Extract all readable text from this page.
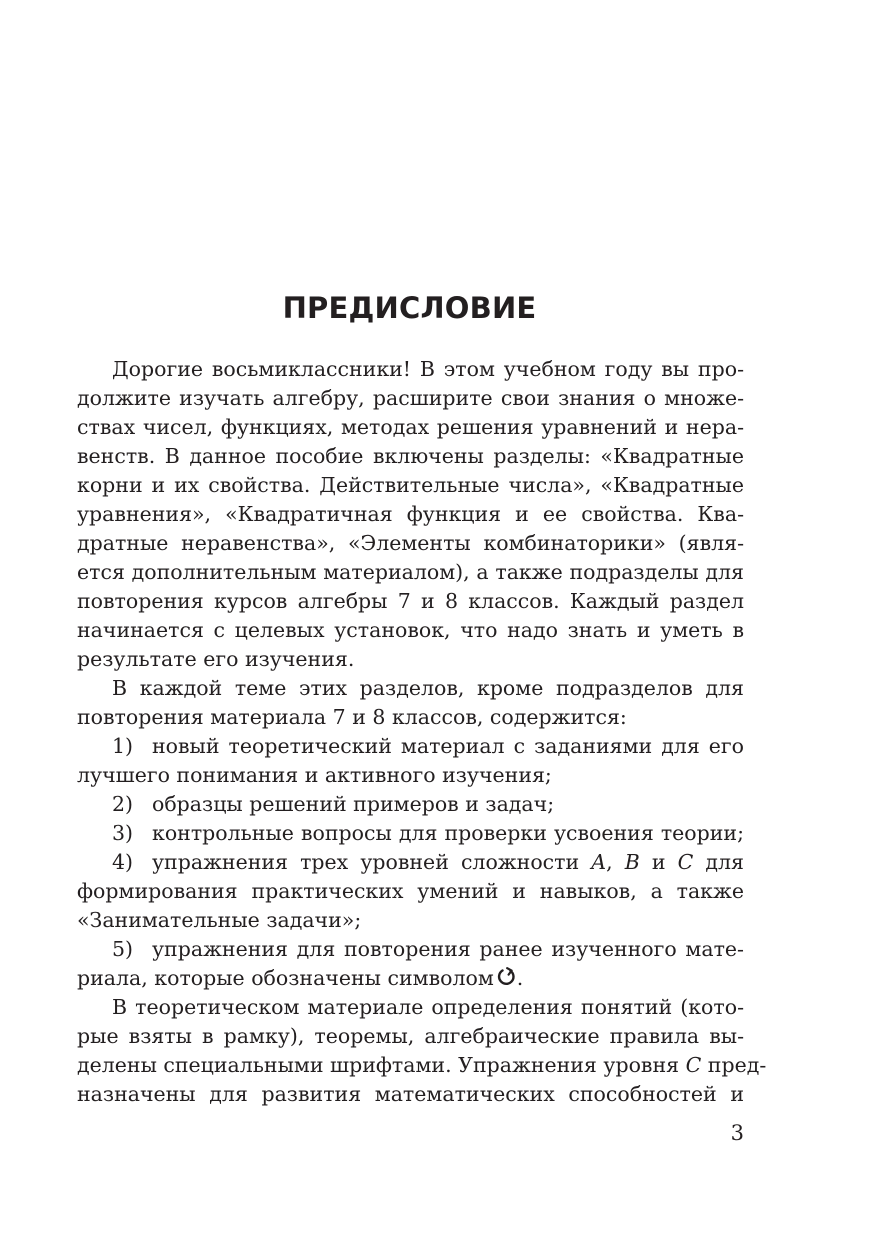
ПРЕДИСЛОВИЕ
Дорогие восьмиклассники! В этом учебном году вы про-
должите изучать алгебру, расширите свои знания о множе-
ствах чисел, функциях, методах решения уравнений и нера-
венств. В данное пособие включены разделы: «Квадратные
корни и их свойства. Действительные числа», «Квадратные
уравнения», «Квадратичная функция и ее свойства. Ква-
дратные неравенства», «Элементы комбинаторики» (явля-
ется дополнительным материалом), а также подразделы для
повторения курсов алгебры 7 и 8 классов. Каждый раздел
начинается с целевых установок, что надо знать и уметь в
результате его изучения.
В каждой теме этих разделов, кроме подразделов для
повторения материала 7 и 8 классов, содержится:
1) новый теоретический материал с заданиями для его
лучшего понимания и активного изучения;
2) образцы решений примеров и задач;
3) контрольные вопросы для проверки усвоения теории;
4) упражнения трех уровней сложности A, B и C для
формирования практических умений и навыков, а также
«Занимательные задачи»;
5) упражнения для повторения ранее изученного мате-
риала, которые обозначены символом .
В теоретическом материале определения понятий (кото-
рые взяты в рамку), теоремы, алгебраические правила вы-
делены специальными шрифтами. Упражнения уровня C пред-
назначены для развития математических способностей и
3
